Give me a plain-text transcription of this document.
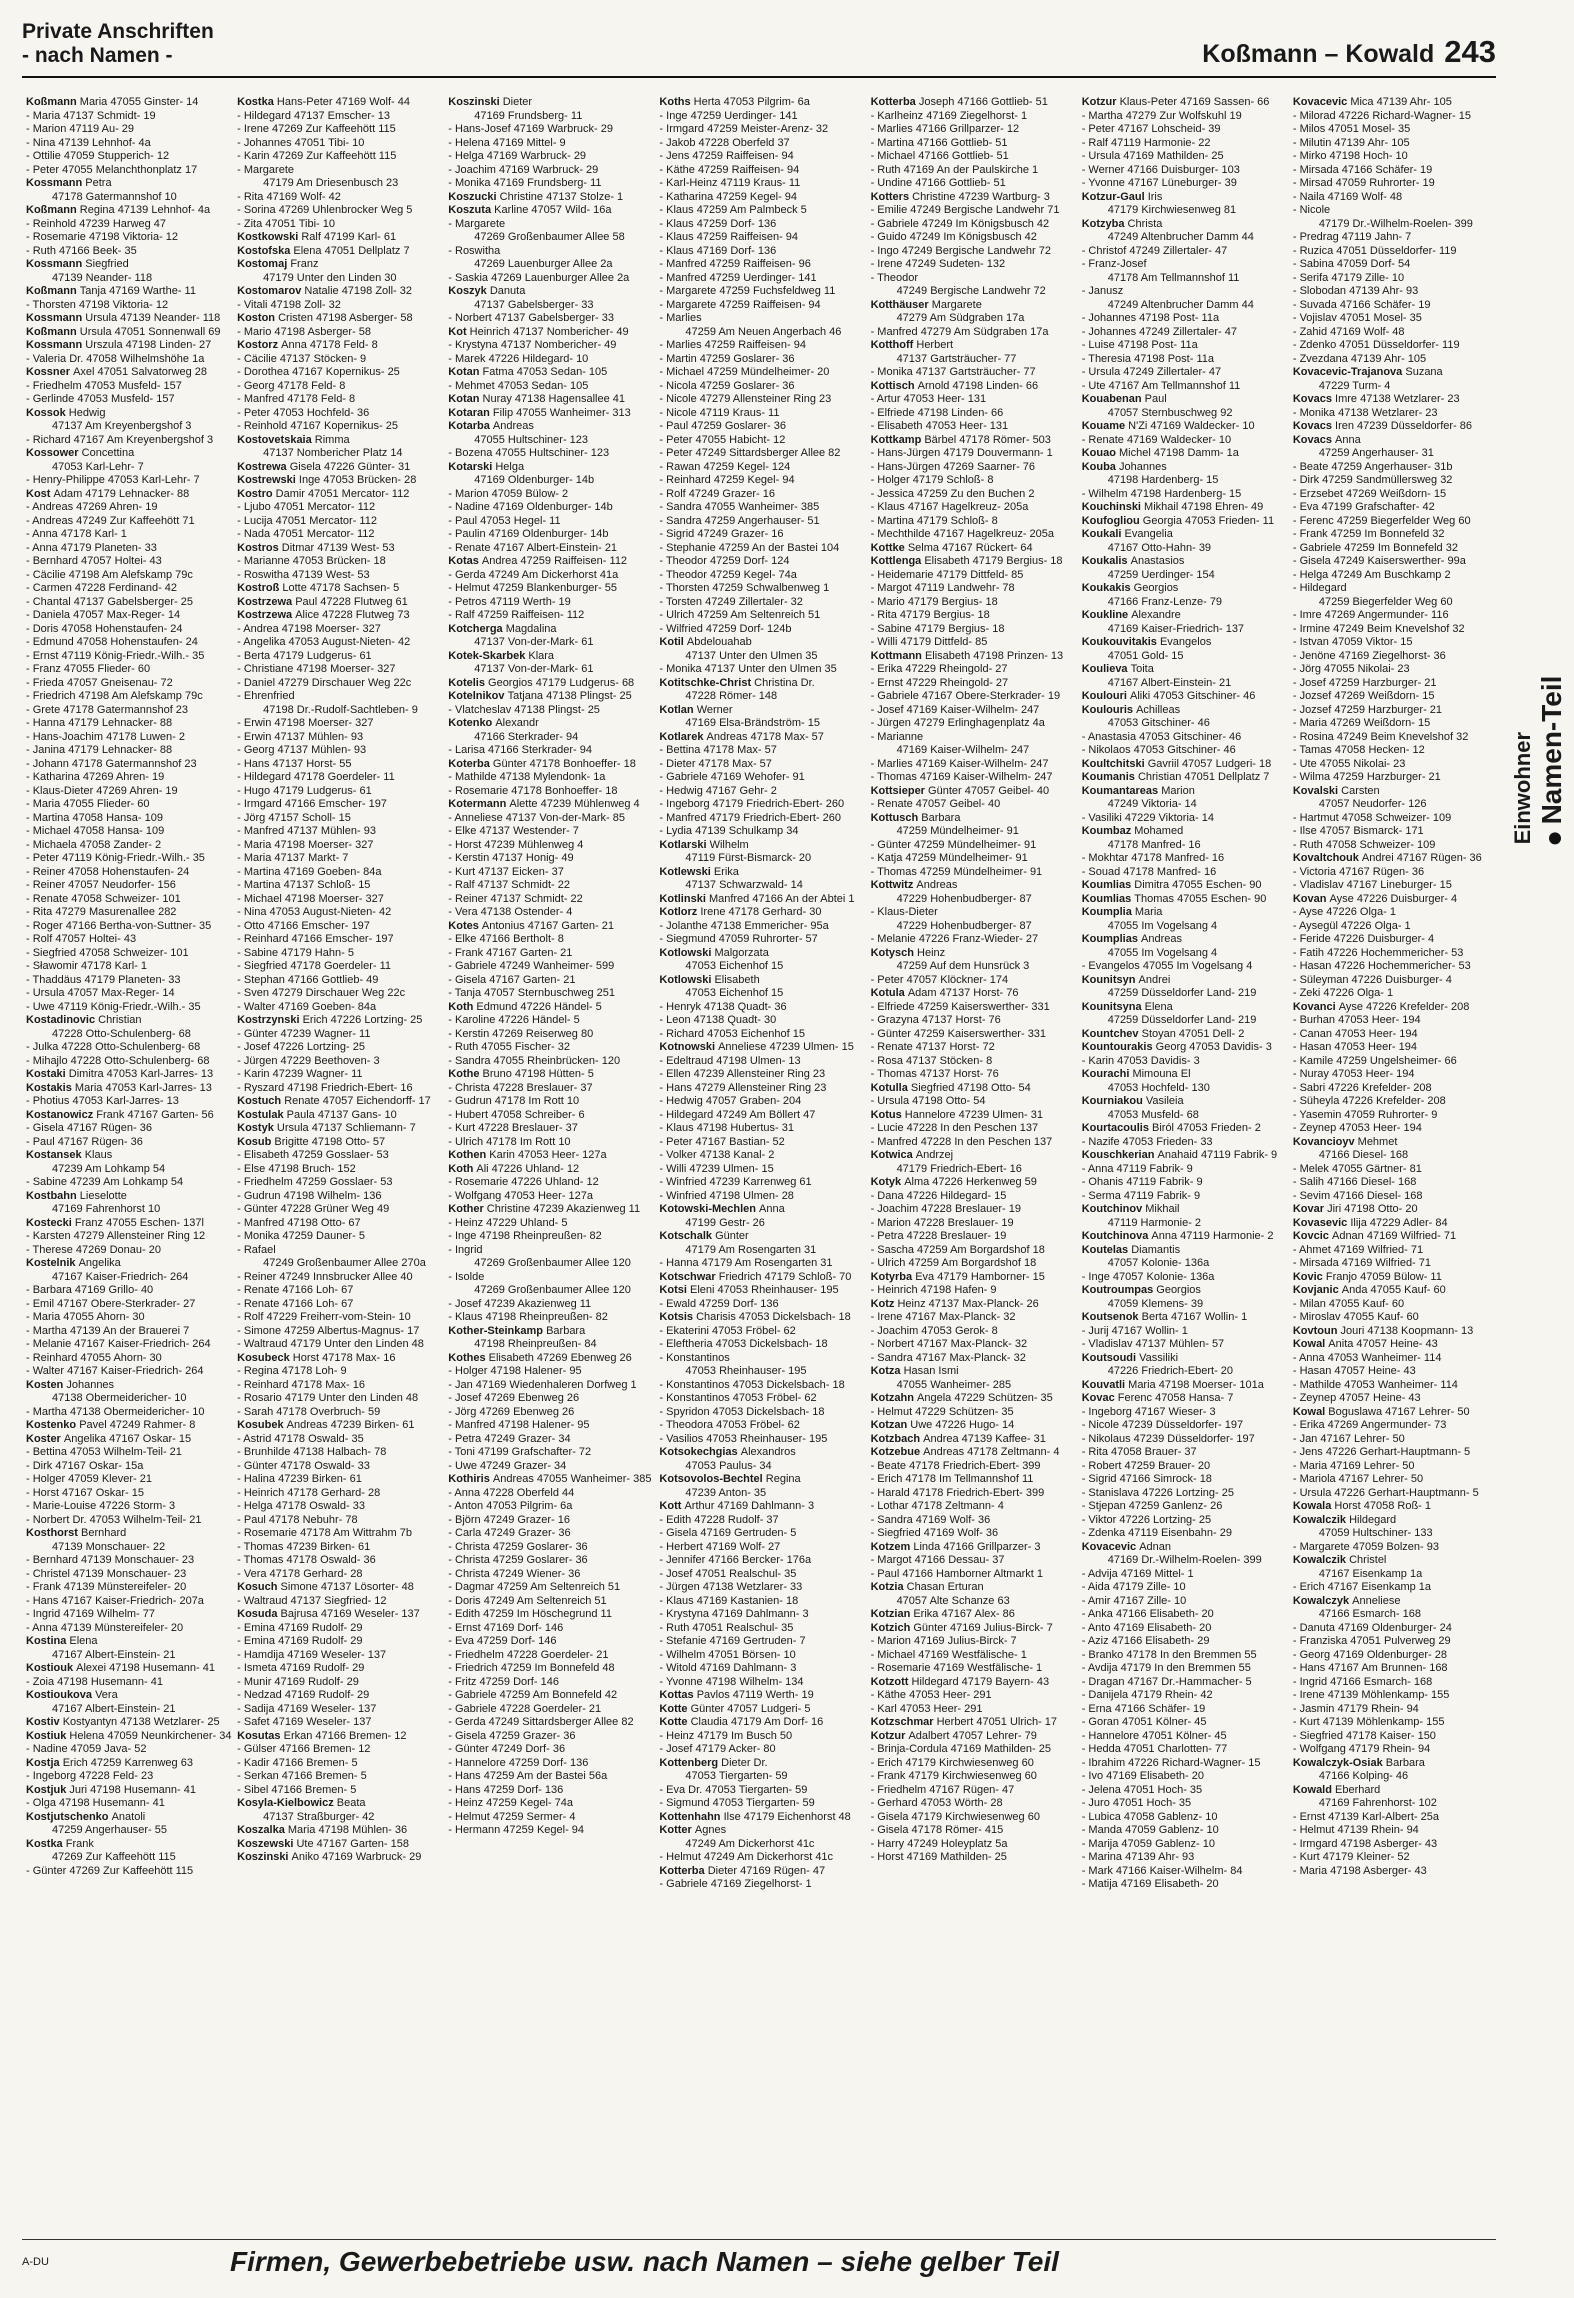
Private Anschriften
- nach Namen -	Koßmann – Kowald 243
Koßmann Maria 47055 Ginster- 14
- Maria 47137 Schmidt- 19
- Marion 47119 Au- 29
- Nina 47139 Lehnhof- 4a
- Ottilie 47059 Stupperich- 12
- Peter 47055 Melanchthonplatz 17
Kossmann Petra
47178 Gatermannshof 10
Koßmann Regina 47139 Lehnhof- 4a
- Reinhold 47239 Harweg 47
- Rosemarie 47198 Viktoria- 12
- Ruth 47166 Beek- 35
Kossmann Siegfried
47139 Neander- 118
Koßmann Tanja 47169 Warthe- 11
- Thorsten 47198 Viktoria- 12
Kossmann Ursula 47139 Neander- 118
Koßmann Ursula 47051 Sonnenwall 69
Kossmann Urszula 47198 Linden- 27
- Valeria Dr. 47058 Wilhelmshöhe 1a
Kossner Axel 47051 Salvatorweg 28
- Friedhelm 47053 Musfeld- 157
- Gerlinde 47053 Musfeld- 157
Kossok Hedwig
47137 Am Kreyenbergshof 3
- Richard 47167 Am Kreyenbergshof 3
Kossower Concettina
47053 Karl-Lehr- 7
- Henry-Philippe 47053 Karl-Lehr- 7
Kost Adam 47179 Lehnacker- 88
- Andreas 47269 Ahren- 19
- Andreas 47249 Zur Kaffeehött 71
- Anna 47178 Karl- 1
- Anna 47179 Planeten- 33
- Bernhard 47057 Holtei- 43
- Cäcilie 47198 Am Alefskamp 79c
- Carmen 47228 Ferdinand- 42
- Chantal 47137 Gabelsberger- 25
- Daniela 47057 Max-Reger- 14
- Doris 47058 Hohenstaufen- 24
- Edmund 47058 Hohenstaufen- 24
- Ernst 47119 König-Friedr.-Wilh.- 35
- Franz 47055 Flieder- 60
- Frieda 47057 Gneisenau- 72
- Friedrich 47198 Am Alefskamp 79c
- Grete 47178 Gatermannshof 23
- Hanna 47179 Lehnacker- 88
- Hans-Joachim 47178 Luwen- 2
- Janina 47179 Lehnacker- 88
- Johann 47178 Gatermannshof 23
- Katharina 47269 Ahren- 19
- Klaus-Dieter 47269 Ahren- 19
- Maria 47055 Flieder- 60
- Martina 47058 Hansa- 109
- Michael 47058 Hansa- 109
- Michaela 47058 Zander- 2
- Peter 47119 König-Friedr.-Wilh.- 35
- Reiner 47058 Hohenstaufen- 24
- Reiner 47057 Neudorfer- 156
- Renate 47058 Schweizer- 101
- Rita 47279 Masurenallee 282
- Roger 47166 Bertha-von-Suttner- 35
- Rolf 47057 Holtei- 43
- Siegfried 47058 Schweizer- 101
- Sławomir 47178 Karl- 1
- Thaddäus 47179 Planeten- 33
- Ursula 47057 Max-Reger- 14
- Uwe 47119 König-Friedr.-Wilh.- 35
Kostadinovic Christian
47228 Otto-Schulenberg- 68
- Julka 47228 Otto-Schulenberg- 68
- Mihajlo 47228 Otto-Schulenberg- 68
Kostaki Dimitra 47053 Karl-Jarres- 13
Kostakis Maria 47053 Karl-Jarres- 13
- Photius 47053 Karl-Jarres- 13
Kostanowicz Frank 47167 Garten- 56
- Gisela 47167 Rügen- 36
- Paul 47167 Rügen- 36
Kostansek Klaus
47239 Am Lohkamp 54
- Sabine 47239 Am Lohkamp 54
Kostbahn Lieselotte
47169 Fahrenhorst 10
Kostecki Franz 47055 Eschen- 137l
- Karsten 47279 Allensteiner Ring 12
- Therese 47269 Donau- 20
Kostelnik Angelika
47167 Kaiser-Friedrich- 264
- Barbara 47169 Grillo- 40
- Emil 47167 Obere-Sterkrader- 27
- Maria 47055 Ahorn- 30
- Martha 47139 An der Brauerei 7
- Melanie 47167 Kaiser-Friedrich- 264
- Reinhard 47055 Ahorn- 30
- Walter 47167 Kaiser-Friedrich- 264
Kosten Johannes
47138 Obermeidericher- 10
- Martha 47138 Obermeidericher- 10
Kostenko Pavel 47249 Rahmer- 8
Koster Angelika 47167 Oskar- 15
- Bettina 47053 Wilhelm-Teil- 21
- Dirk 47167 Oskar- 15a
- Holger 47059 Klever- 21
- Horst 47167 Oskar- 15
- Marie-Louise 47226 Storm- 3
- Norbert Dr. 47053 Wilhelm-Teil- 21
Kosthorst Bernhard
47139 Monschauer- 22
- Bernhard 47139 Monschauer- 23
- Christel 47139 Monschauer- 23
- Frank 47139 Münstereifeler- 20
- Hans 47167 Kaiser-Friedrich- 207a
- Ingrid 47169 Wilhelm- 77
- Anna 47139 Münstereifeler- 20
Kostina Elena
47167 Albert-Einstein- 21
Kostiouk Alexei 47198 Husemann- 41
- Zoia 47198 Husemann- 41
Kostioukova Vera
47167 Albert-Einstein- 21
Kostiv Kostyantyn 47138 Wetzlarer- 25
Kostiuk Helena 47059 Neunkirchener- 34
- Nadine 47059 Java- 52
Kostja Erich 47259 Karrenweg 63
- Ingeborg 47228 Feld- 23
Kostjuk Juri 47198 Husemann- 41
- Olga 47198 Husemann- 41
Kostjutschenko Anatoli
47259 Angerhauser- 55
Kostka Frank
47269 Zur Kaffeehött 115
- Günter 47269 Zur Kaffeehött 115
Kostka Hans-Peter 47169 Wolf- 44
- Hildegard 47137 Emscher- 13
- Irene 47269 Zur Kaffeehött 115
- Johannes 47051 Tibi- 10
- Karin 47269 Zur Kaffeehött 115
- Margarete
47179 Am Driesenbusch 23
- Rita 47169 Wolf- 42
- Sorina 47269 Uhlenbrocker Weg 5
- Zita 47051 Tibi- 10
Kostkowski Ralf 47199 Karl- 61
Kostofska Elena 47051 Dellplatz 7
Kostomaj Franz
47179 Unter den Linden 30
Kostomarov Natalie 47198 Zoll- 32
- Vitali 47198 Zoll- 32
Koston Cristen 47198 Asberger- 58
- Mario 47198 Asberger- 58
Kostorz Anna 47178 Feld- 8
- Cäcilie 47137 Stöcken- 9
- Dorothea 47167 Kopernikus- 25
- Georg 47178 Feld- 8
- Manfred 47178 Feld- 8
- Peter 47053 Hochfeld- 36
- Reinhold 47167 Kopernikus- 25
Kostovetskaia Rimma
47137 Nombericher Platz 14
Kostrewa Gisela 47226 Günter- 31
Kostrewski Inge 47053 Brücken- 28
Kostro Damir 47051 Mercator- 112
- Ljubo 47051 Mercator- 112
- Lucija 47051 Mercator- 112
- Nada 47051 Mercator- 112
Kostros Ditmar 47139 West- 53
- Marianne 47053 Brücken- 18
- Roswitha 47139 West- 53
Kostroß Lotte 47178 Sachsen- 5
Kostrzewa Paul 47228 Flutweg 61
Kostrzewa Alice 47228 Flutweg 73
- Andrea 47198 Moerser- 327
- Angelika 47053 August-Nieten- 42
- Berta 47179 Ludgerus- 61
- Christiane 47198 Moerser- 327
- Daniel 47279 Dirschauer Weg 22c
- Ehrenfried
47198 Dr.-Rudolf-Sachtleben- 9
- Erwin 47198 Moerser- 327
- Erwin 47137 Mühlen- 93
- Georg 47137 Mühlen- 93
- Hans 47137 Horst- 55
- Hildegard 47178 Goerdeler- 11
- Hugo 47179 Ludgerus- 61
- Irmgard 47166 Emscher- 197
- Jörg 47157 Scholl- 15
- Manfred 47137 Mühlen- 93
- Maria 47198 Moerser- 327
- Maria 47137 Markt- 7
- Martina 47169 Goeben- 84a
- Martina 47137 Schloß- 15
- Michael 47198 Moerser- 327
- Nina 47053 August-Nieten- 42
- Otto 47166 Emscher- 197
- Reinhard 47166 Emscher- 197
- Sabine 47179 Hahn- 5
- Siegfried 47178 Goerdeler- 11
- Stephan 47166 Gottlieb- 49
- Sven 47279 Dirschauer Weg 22c
- Walter 47169 Goeben- 84a
Kostrzynski Erich 47226 Lortzing- 25
- Günter 47239 Wagner- 11
- Josef 47226 Lortzing- 25
- Jürgen 47229 Beethoven- 3
- Karin 47239 Wagner- 11
- Ryszard 47198 Friedrich-Ebert- 16
Kostuch Renate 47057 Eichendorff- 17
Kostulak Paula 47137 Gans- 10
Kostyk Ursula 47137 Schliemann- 7
Kosub Brigitte 47198 Otto- 57
- Elisabeth 47259 Gosslaer- 53
- Else 47198 Bruch- 152
- Friedhelm 47259 Gosslaer- 53
- Gudrun 47198 Wilhelm- 136
- Günter 47228 Grüner Weg 49
- Manfred 47198 Otto- 67
- Monika 47259 Dauner- 5
- Rafael
47249 Großenbaumer Allee 270a
- Reiner 47249 Innsbrucker Allee 40
- Renate 47166 Loh- 67
- Renate 47166 Loh- 67
- Rolf 47229 Freiherr-vom-Stein- 10
- Simone 47259 Albertus-Magnus- 17
- Waltraud 47179 Unter den Linden 48
Kosubeck Horst 47178 Max- 16
- Regina 47178 Loh- 9
- Reinhard 47178 Max- 16
- Rosario 47179 Unter den Linden 48
- Sarah 47178 Overbruch- 59
Kosubek Andreas 47239 Birken- 61
- Astrid 47178 Oswald- 35
- Brunhilde 47138 Halbach- 78
- Günter 47178 Oswald- 33
- Halina 47239 Birken- 61
- Heinrich 47178 Gerhard- 28
- Helga 47178 Oswald- 33
- Paul 47178 Nebuhr- 78
- Rosemarie 47178 Am Wittrahm 7b
- Thomas 47239 Birken- 61
- Thomas 47178 Oswald- 36
- Vera 47178 Gerhard- 28
Kosuch Simone 47137 Lösorter- 48
- Waltraud 47137 Siegfried- 12
Kosuda Bajrusa 47169 Weseler- 137
- Emina 47169 Rudolf- 29
- Emina 47169 Rudolf- 29
- Hamdija 47169 Weseler- 137
- Ismeta 47169 Rudolf- 29
- Munir 47169 Rudolf- 29
- Nedzad 47169 Rudolf- 29
- Sadija 47169 Weseler- 137
- Safet 47169 Weseler- 137
Kosutas Erkan 47166 Bremen- 12
- Gülser 47166 Bremen- 12
- Kadir 47166 Bremen- 5
- Serkan 47166 Bremen- 5
- Sibel 47166 Bremen- 5
Kosyla-Kielbowicz Beata
47137 Straßburger- 42
Koszalka Maria 47198 Mühlen- 36
Koszewski Ute 47167 Garten- 158
Koszinski Aniko 47169 Warbruck- 29
Koszinski Dieter
47169 Frundsberg- 11
- Hans-Josef 47169 Warbruck- 29
- Helena 47169 Mittel- 9
- Helga 47169 Warbruck- 29
- Joachim 47169 Warbruck- 29
- Monika 47169 Frundsberg- 11
Koszucki Christine 47137 Stolze- 1
Koszuta Karline 47057 Wild- 16a
- Margarete
47269 Großenbaumer Allee 58
- Roswitha
47269 Lauenburger Allee 2a
- Saskia 47269 Lauenburger Allee 2a
Koszyk Danuta
47137 Gabelsberger- 33
- Norbert 47137 Gabelsberger- 33
Kot Heinrich 47137 Nombericher- 49
- Krystyna 47137 Nombericher- 49
- Marek 47226 Hildegard- 10
Kotan Fatma 47053 Sedan- 105
- Mehmet 47053 Sedan- 105
Kotan Nuray 47138 Hagensallee 41
Kotaran Filip 47055 Wanheimer- 313
Kotarba Andreas
47055 Hultschiner- 123
- Bozena 47055 Hultschiner- 123
Kotarski Helga
47169 Oldenburger- 14b
- Marion 47059 Bülow- 2
- Nadine 47169 Oldenburger- 14b
- Paul 47053 Hegel- 11
- Paulin 47169 Oldenburger- 14b
- Renate 47167 Albert-Einstein- 21
Kotas Andrea 47259 Raiffeisen- 112
- Gerda 47249 Am Dickerhorst 41a
- Helmut 47259 Blankenburger- 55
- Petros 47119 Werth- 19
- Ralf 47259 Raiffeisen- 112
Kotcherga Magdalina
47137 Von-der-Mark- 61
Kotek-Skarbek Klara
47137 Von-der-Mark- 61
Kotelis Georgios 47179 Ludgerus- 68
Kotelnikov Tatjana 47138 Plingst- 25
- Vlatcheslav 47138 Plingst- 25
Kotenko Alexandr
47166 Sterkrader- 94
- Larisa 47166 Sterkrader- 94
Koterba Günter 47178 Bonhoeffer- 18
- Mathilde 47138 Mylendonk- 1a
- Rosemarie 47178 Bonhoeffer- 18
Kotermann Alette 47239 Mühlenweg 4
- Anneliese 47137 Von-der-Mark- 85
- Elke 47137 Westender- 7
- Horst 47239 Mühlenweg 4
- Kerstin 47137 Honig- 49
- Kurt 47137 Eicken- 37
- Ralf 47137 Schmidt- 22
- Reiner 47137 Schmidt- 22
- Vera 47138 Ostender- 4
Kotes Antonius 47167 Garten- 21
- Elke 47166 Bertholt- 8
- Frank 47167 Garten- 21
- Gabriele 47249 Wanheimer- 599
- Gisela 47167 Garten- 21
- Tanja 47057 Sternbuschweg 251
Koth Edmund 47226 Händel- 5
- Karoline 47226 Händel- 5
- Kerstin 47269 Reiserweg 80
- Ruth 47055 Fischer- 32
- Sandra 47055 Rheinbrücken- 120
Kothe Bruno 47198 Hütten- 5
- Christa 47228 Breslauer- 37
- Gudrun 47178 Im Rott 10
- Hubert 47058 Schreiber- 6
- Kurt 47228 Breslauer- 37
- Ulrich 47178 Im Rott 10
Kothen Karin 47053 Heer- 127a
Koth Ali 47226 Uhland- 12
- Rosemarie 47226 Uhland- 12
- Wolfgang 47053 Heer- 127a
Kother Christine 47239 Akazienweg 11
- Heinz 47229 Uhland- 5
- Inge 47198 Rheinpreußen- 82
- Ingrid
47269 Großenbaumer Allee 120
- Isolde
47269 Großenbaumer Allee 120
- Josef 47239 Akazienweg 11
- Klaus 47198 Rheinpreußen- 82
Kother-Steinkamp Barbara
47198 Rheinpreußen- 84
Kothes Elisabeth 47269 Ebenweg 26
- Holger 47198 Halener- 95
- Jan 47169 Wiedenhaleren Dorfweg 1
- Josef 47269 Ebenweg 26
- Jörg 47269 Ebenweg 26
- Manfred 47198 Halener- 95
- Petra 47249 Grazer- 34
- Toni 47199 Grafschafter- 72
- Uwe 47249 Grazer- 34
Kothiris Andreas 47055 Wanheimer- 385
- Anna 47228 Oberfeld 44
- Anton 47053 Pilgrim- 6a
- Björn 47249 Grazer- 16
- Carla 47249 Grazer- 36
- Christa 47259 Goslarer- 36
- Christa 47259 Goslarer- 36
- Christa 47249 Wiener- 36
- Dagmar 47259 Am Seltenreich 51
- Doris 47249 Am Seltenreich 51
- Edith 47259 Im Höschegrund 11
- Ernst 47169 Dorf- 146
- Eva 47259 Dorf- 146
- Friedhelm 47228 Goerdeler- 21
- Friedrich 47259 Im Bonnefeld 48
- Fritz 47259 Dorf- 146
- Gabriele 47259 Am Bonnefeld 42
- Gabriele 47228 Goerdeler- 21
- Gerda 47249 Sittardsberger Allee 82
- Gisela 47259 Grazer- 36
- Günter 47249 Dorf- 36
- Hannelore 47259 Dorf- 136
- Hans 47259 Am der Bastei 56a
- Hans 47259 Dorf- 136
- Heinz 47259 Kegel- 74a
- Helmut 47259 Sermer- 4
- Hermann 47259 Kegel- 94
Koths Herta 47053 Pilgrim- 6a
- Inge 47259 Uerdinger- 141
- Irmgard 47259 Meister-Arenz- 32
- Jakob 47228 Oberfeld 37
- Jens 47259 Raiffeisen- 94
- Käthe 47259 Raiffeisen- 94
- Karl-Heinz 47119 Kraus- 11
- Katharina 47259 Kegel- 94
- Klaus 47259 Am Palmbeck 5
- Klaus 47259 Dorf- 136
- Klaus 47259 Raiffeisen- 94
- Klaus 47169 Dorf- 136
- Manfred 47259 Raiffeisen- 96
- Manfred 47259 Uerdinger- 141
- Margarete 47259 Fuchsfeldweg 11
- Margarete 47259 Raiffeisen- 94
- Marlies
47259 Am Neuen Angerbach 46
- Marlies 47259 Raiffeisen- 94
- Martin 47259 Goslarer- 36
- Michael 47259 Mündelheimer- 20
- Nicola 47259 Goslarer- 36
- Nicole 47279 Allensteiner Ring 23
- Nicole 47119 Kraus- 11
- Paul 47259 Goslarer- 36
- Peter 47055 Habicht- 12
- Peter 47249 Sittardsberger Allee 82
- Rawan 47259 Kegel- 124
- Reinhard 47259 Kegel- 94
- Rolf 47249 Grazer- 16
- Sandra 47055 Wanheimer- 385
- Sandra 47259 Angerhauser- 51
- Sigrid 47249 Grazer- 16
- Stephanie 47259 An der Bastei 104
- Theodor 47259 Dorf- 124
- Theodor 47259 Kegel- 74a
- Thorsten 47259 Schwalbenweg 1
- Torsten 47249 Zillertaler- 32
- Ulrich 47259 Am Seltenreich 51
- Wilfried 47259 Dorf- 124b
Kotil Abdelouahab
47137 Unter den Ulmen 35
- Monika 47137 Unter den Ulmen 35
Kotitschke-Christ Christina Dr.
47228 Römer- 148
Kotlan Werner
47169 Elsa-Brändström- 15
Kotlarek Andreas 47178 Max- 57
- Bettina 47178 Max- 57
- Dieter 47178 Max- 57
- Gabriele 47169 Wehofer- 91
- Hedwig 47167 Gehr- 2
- Ingeborg 47179 Friedrich-Ebert- 260
- Manfred 47179 Friedrich-Ebert- 260
- Lydia 47139 Schulkamp 34
Kotlarski Wilhelm
47119 Fürst-Bismarck- 20
Kotlewski Erika
47137 Schwarzwald- 14
Kotlinski Manfred 47166 An der Abtei 1
Kotlorz Irene 47178 Gerhard- 30
- Jolanthe 47138 Emmericher- 95a
- Siegmund 47059 Ruhrorter- 57
Kotlowski Malgorzata
47053 Eichenhof 15
Kotlowski Elisabeth
47053 Eichenhof 15
- Henryk 47138 Quadt- 36
- Leon 47138 Quadt- 30
- Richard 47053 Eichenhof 15
Kotnowski Anneliese 47239 Ulmen- 15
- Edeltraud 47198 Ulmen- 13
- Ellen 47239 Allensteiner Ring 23
- Hans 47279 Allensteiner Ring 23
- Hedwig 47057 Graben- 204
- Hildegard 47249 Am Böllert 47
- Klaus 47198 Hubertus- 31
- Peter 47167 Bastian- 52
- Volker 47138 Kanal- 2
- Willi 47239 Ulmen- 15
- Winfried 47239 Karrenweg 61
- Winfried 47198 Ulmen- 28
Kotowski-Mechlen Anna
47199 Gestr- 26
Kotschalk Günter
47179 Am Rosengarten 31
- Hanna 47179 Am Rosengarten 31
Kotschwar Friedrich 47179 Schloß- 70
Kotsi Eleni 47053 Rheinhauser- 195
- Ewald 47259 Dorf- 136
Kotsis Charisis 47053 Dickelsbach- 18
- Ekaterini 47053 Fröbel- 62
- Eleftheria 47053 Dickelsbach- 18
- Konstantinos
47053 Rheinhauser- 195
- Konstantinos 47053 Dickelsbach- 18
- Konstantinos 47053 Fröbel- 62
- Spyridon 47053 Dickelsbach- 18
- Theodora 47053 Fröbel- 62
- Vasilios 47053 Rheinhauser- 195
Kotsokechgias Alexandros
47053 Paulus- 34
Kotsovolos-Bechtel Regina
47239 Anton- 35
Kott Arthur 47169 Dahlmann- 3
- Edith 47228 Rudolf- 37
- Gisela 47169 Gertruden- 5
- Herbert 47169 Wolf- 27
- Jennifer 47166 Bercker- 176a
- Josef 47051 Realschul- 35
- Jürgen 47138 Wetzlarer- 33
- Klaus 47169 Kastanien- 18
- Krystyna 47169 Dahlmann- 3
- Ruth 47051 Realschul- 35
- Stefanie 47169 Gertruden- 7
- Wilhelm 47051 Börsen- 10
- Witold 47169 Dahlmann- 3
- Yvonne 47198 Wilhelm- 134
Kottas Pavlos 47119 Werth- 19
Kotte Günter 47057 Ludgeri- 5
Kotte Claudia 47179 Am Dorf- 16
- Heinz 47179 Im Busch 50
- Josef 47179 Acker- 80
Kottenberg Dieter Dr.
47053 Tiergarten- 59
- Eva Dr. 47053 Tiergarten- 59
- Sigmund 47053 Tiergarten- 59
Kottenhahn Ilse 47179 Eichenhorst 48
Kotter Agnes
47249 Am Dickerhorst 41c
- Helmut 47249 Am Dickerhorst 41c
Kotterba Dieter 47169 Rügen- 47
- Gabriele 47169 Ziegelhorst- 1
Kotterba Joseph 47166 Gottlieb- 51
- Karlheinz 47169 Ziegelhorst- 1
- Marlies 47166 Grillparzer- 12
- Martina 47166 Gottlieb- 51
- Michael 47166 Gottlieb- 51
- Ruth 47169 An der Paulskirche 1
- Undine 47166 Gottlieb- 51
Kotters Christine 47239 Wartburg- 3
- Emilie 47249 Bergische Landwehr 71
- Gabriele 47249 Im Königsbusch 42
- Guido 47249 Im Königsbusch 42
- Ingo 47249 Bergische Landwehr 72
- Irene 47249 Sudeten- 132
- Theodor
47249 Bergische Landwehr 72
Kotthäuser Margarete
47279 Am Südgraben 17a
- Manfred 47279 Am Südgraben 17a
Kotthoff Herbert
47137 Gartsträucher- 77
- Monika 47137 Gartsträucher- 77
Kottisch Arnold 47198 Linden- 66
- Artur 47053 Heer- 131
- Elfriede 47198 Linden- 66
- Elisabeth 47053 Heer- 131
Kottkamp Bärbel 47178 Römer- 503
- Hans-Jürgen 47179 Douvermann- 1
- Hans-Jürgen 47269 Saarner- 76
- Holger 47179 Schloß- 8
- Jessica 47259 Zu den Buchen 2
- Klaus 47167 Hagelkreuz- 205a
- Martina 47179 Schloß- 8
- Mechthilde 47167 Hagelkreuz- 205a
Kottke Selma 47167 Rückert- 64
Kottlenga Elisabeth 47179 Bergius- 18
- Heidemarie 47179 Dittfeld- 85
- Margot 47119 Landwehr- 78
- Mario 47179 Bergius- 18
- Rita 47179 Bergius- 18
- Sabine 47179 Bergius- 18
- Willi 47179 Dittfeld- 85
Kottmann Elisabeth 47198 Prinzen- 13
- Erika 47229 Rheingold- 27
- Ernst 47229 Rheingold- 27
- Gabriele 47167 Obere-Sterkrader- 19
- Josef 47169 Kaiser-Wilhelm- 247
- Jürgen 47279 Erlinghagenplatz 4a
- Marianne
47169 Kaiser-Wilhelm- 247
- Marlies 47169 Kaiser-Wilhelm- 247
- Thomas 47169 Kaiser-Wilhelm- 247
Kottsieper Günter 47057 Geibel- 40
- Renate 47057 Geibel- 40
Kottusch Barbara
47259 Mündelheimer- 91
- Günter 47259 Mündelheimer- 91
- Katja 47259 Mündelheimer- 91
- Thomas 47259 Mündelheimer- 91
Kottwitz Andreas
47229 Hohenbudberger- 87
- Klaus-Dieter
47229 Hohenbudberger- 87
- Melanie 47226 Franz-Wieder- 27
Kotysch Heinz
47259 Auf dem Hunsrück 3
- Peter 47057 Klöckner- 174
Kotula Adam 47137 Horst- 76
- Elfriede 47259 Kaiserswerther- 331
- Grazyna 47137 Horst- 76
- Günter 47259 Kaiserswerther- 331
- Renate 47137 Horst- 72
- Rosa 47137 Stöcken- 8
- Thomas 47137 Horst- 76
Kotulla Siegfried 47198 Otto- 54
- Ursula 47198 Otto- 54
Kotus Hannelore 47239 Ulmen- 31
- Lucie 47228 In den Peschen 137
- Manfred 47228 In den Peschen 137
Kotwica Andrzej
47179 Friedrich-Ebert- 16
Kotyk Alma 47226 Herkenweg 59
- Dana 47226 Hildegard- 15
- Joachim 47228 Breslauer- 19
- Marion 47228 Breslauer- 19
- Petra 47228 Breslauer- 19
- Sascha 47259 Am Borgardshof 18
- Ulrich 47259 Am Borgardshof 18
Kotyrba Eva 47179 Hamborner- 15
- Heinrich 47198 Hafen- 9
Kotz Heinz 47137 Max-Planck- 26
- Irene 47167 Max-Planck- 32
- Joachim 47053 Gerok- 8
- Norbert 47167 Max-Planck- 32
- Sandra 47167 Max-Planck- 32
Kotza Hasan Ismi
47055 Wanheimer- 285
Kotzahn Angela 47229 Schützen- 35
- Helmut 47229 Schützen- 35
Kotzan Uwe 47226 Hugo- 14
Kotzbach Andrea 47139 Kaffee- 31
Kotzebue Andreas 47178 Zeltmann- 4
- Beate 47178 Friedrich-Ebert- 399
- Erich 47178 Im Tellmannshof 11
- Harald 47178 Friedrich-Ebert- 399
- Lothar 47178 Zeltmann- 4
- Sandra 47169 Wolf- 36
- Siegfried 47169 Wolf- 36
Kotzem Linda 47166 Grillparzer- 3
- Margot 47166 Dessau- 37
- Paul 47166 Hamborner Altmarkt 1
Kotzia Chasan Erturan
47057 Alte Schanze 63
Kotzian Erika 47167 Alex- 86
Kotzich Günter 47169 Julius-Birck- 7
- Marion 47169 Julius-Birck- 7
- Michael 47169 Westfälische- 1
- Rosemarie 47169 Westfälische- 1
Kotzott Hildegard 47179 Bayern- 43
- Käthe 47053 Heer- 291
- Karl 47053 Heer- 291
Kotzschmar Herbert 47051 Ulrich- 17
Kotzur Adalbert 47057 Lehrer- 79
- Brinja-Cordula 47169 Mathilden- 25
- Erich 47179 Kirchwiesenweg 60
- Frank 47179 Kirchwiesenweg 60
- Friedhelm 47167 Rügen- 47
- Gerhard 47053 Wörth- 28
- Gisela 47179 Kirchwiesenweg 60
- Gisela 47178 Römer- 415
- Harry 47249 Holeyplatz 5a
- Horst 47169 Mathilden- 25
Kotzur Klaus-Peter 47169 Sassen- 66
- Martha 47279 Zur Wolfskuhl 19
- Peter 47167 Lohscheid- 39
- Ralf 47119 Harmonie- 22
- Ursula 47169 Mathilden- 25
- Werner 47166 Duisburger- 103
- Yvonne 47167 Lüneburger- 39
Kotzur-Gaul Iris
47179 Kirchwiesenweg 81
Kotzyba Christa
47249 Altenbrucher Damm 44
- Christof 47249 Zillertaler- 47
- Franz-Josef
47178 Am Tellmannshof 11
- Janusz
47249 Altenbrucher Damm 44
- Johannes 47198 Post- 11a
- Johannes 47249 Zillertaler- 47
- Luise 47198 Post- 11a
- Theresia 47198 Post- 11a
- Ursula 47249 Zillertaler- 47
- Ute 47167 Am Tellmannshof 11
Kouabenan Paul
47057 Sternbuschweg 92
Kouame N'Zi 47169 Waldecker- 10
- Renate 47169 Waldecker- 10
Kouao Michel 47198 Damm- 1a
Kouba Johannes
47198 Hardenberg- 15
- Wilhelm 47198 Hardenberg- 15
Kouchinski Mikhail 47198 Ehren- 49
Koufogliou Georgia 47053 Frieden- 11
Koukali Evangelia
47167 Otto-Hahn- 39
Koukalis Anastasios
47259 Uerdinger- 154
Koukakis Georgios
47166 Franz-Lenze- 79
Koukline Alexandre
47169 Kaiser-Friedrich- 137
Koukouvitakis Evangelos
47051 Gold- 15
Koulieva Toita
47167 Albert-Einstein- 21
Koulouri Aliki 47053 Gitschiner- 46
Koulouris Achilleas
47053 Gitschiner- 46
- Anastasia 47053 Gitschiner- 46
- Nikolaos 47053 Gitschiner- 46
Koultchitski Gavriil 47057 Ludgeri- 18
Koumanis Christian 47051 Dellplatz 7
Koumantareas Marion
47249 Viktoria- 14
- Vasiliki 47229 Viktoria- 14
Koumbaz Mohamed
47178 Manfred- 16
- Mokhtar 47178 Manfred- 16
- Souad 47178 Manfred- 16
Koumlias Dimitra 47055 Eschen- 90
Koumlias Thomas 47055 Eschen- 90
Koumplia Maria
47055 Im Vogelsang 4
Koumplias Andreas
47055 Im Vogelsang 4
- Evangelos 47055 Im Vogelsang 4
Kounitsyn Andrei
47259 Düsseldorfer Land- 219
Kounitsyna Elena
47259 Düsseldorfer Land- 219
Kountchev Stoyan 47051 Dell- 2
Kountourakis Georg 47053 Davidis- 3
- Karin 47053 Davidis- 3
Kourachi Mimouna El
47053 Hochfeld- 130
Kourniakou Vasileia
47053 Musfeld- 68
Kourtacoulis Biról 47053 Frieden- 2
- Nazife 47053 Frieden- 33
Kouschkerian Anahaid 47119 Fabrik- 9
- Anna 47119 Fabrik- 9
- Ohanis 47119 Fabrik- 9
- Serma 47119 Fabrik- 9
Koutchinov Mikhail
47119 Harmonie- 2
Koutchinova Anna 47119 Harmonie- 2
Koutelas Diamantis
47057 Kolonie- 136a
- Inge 47057 Kolonie- 136a
Koutroumpas Georgios
47059 Klemens- 39
Koutsenok Berta 47167 Wollin- 1
- Jurij 47167 Wollin- 1
- Vladislav 47137 Mühlen- 57
Koutsoudi Vassiliki
47226 Friedrich-Ebert- 20
Kouvatli Maria 47198 Moerser- 101a
Kovac Ferenc 47058 Hansa- 7
- Ingeborg 47167 Wieser- 3
- Nicole 47239 Düsseldorfer- 197
- Nikolaus 47239 Düsseldorfer- 197
- Rita 47058 Brauer- 37
- Robert 47259 Brauer- 20
- Sigrid 47166 Simrock- 18
- Stanislava 47226 Lortzing- 25
- Stjepan 47259 Ganlenz- 26
- Viktor 47226 Lortzing- 25
- Zdenka 47119 Eisenbahn- 29
Kovacevic Adnan
47169 Dr.-Wilhelm-Roelen- 399
- Advija 47169 Mittel- 1
- Aida 47179 Zille- 10
- Amir 47167 Zille- 10
- Anka 47166 Elisabeth- 20
- Anto 47169 Elisabeth- 20
- Aziz 47166 Elisabeth- 29
- Branko 47178 In den Bremmen 55
- Avdija 47179 In den Bremmen 55
- Dragan 47167 Dr.-Hammacher- 5
- Danijela 47179 Rhein- 42
- Erna 47166 Schäfer- 19
- Goran 47051 Kölner- 45
- Hannelore 47051 Kölner- 45
- Hedda 47051 Charlotten- 77
- Ibrahim 47226 Richard-Wagner- 15
- Ivo 47169 Elisabeth- 20
- Jelena 47051 Hoch- 35
- Juro 47051 Hoch- 35
- Lubica 47058 Gablenz- 10
- Manda 47059 Gablenz- 10
- Marija 47059 Gablenz- 10
- Marina 47139 Ahr- 93
- Mark 47166 Kaiser-Wilhelm- 84
- Matija 47169 Elisabeth- 20
Kovacevic Mica 47139 Ahr- 105
- Milorad 47226 Richard-Wagner- 15
- Milos 47051 Mosel- 35
- Milutin 47139 Ahr- 105
- Mirko 47198 Hoch- 10
- Mirsada 47166 Schäfer- 19
- Mirsad 47059 Ruhrorter- 19
- Naila 47169 Wolf- 48
- Nicole
47179 Dr.-Wilhelm-Roelen- 399
- Predrag 47119 Jahn- 7
- Ruzica 47051 Düsseldorfer- 119
- Sabina 47059 Dorf- 54
- Serifa 47179 Zille- 10
- Slobodan 47139 Ahr- 93
- Suvada 47166 Schäfer- 19
- Vojislav 47051 Mosel- 35
- Zahid 47169 Wolf- 48
- Zdenko 47051 Düsseldorfer- 119
- Zvezdana 47139 Ahr- 105
Kovacevic-Trajanova Suzana
47229 Turm- 4
Kovacs Imre 47138 Wetzlarer- 23
- Monika 47138 Wetzlarer- 23
Kovacs Iren 47239 Düsseldorfer- 86
Kovacs Anna
47259 Angerhauser- 31
- Beate 47259 Angerhauser- 31b
- Dirk 47259 Sandmüllersweg 32
- Erzsebet 47269 Weißdorn- 15
- Eva 47199 Grafschafter- 42
- Ferenc 47259 Biegerfelder Weg 60
- Frank 47259 Im Bonnefeld 32
- Gabriele 47259 Im Bonnefeld 32
- Gisela 47249 Kaiserswerther- 99a
- Helga 47249 Am Buschkamp 2
- Hildegard
47259 Biegerfelder Weg 60
- Imre 47269 Angermunder- 116
- Irmine 47249 Beim Knevelshof 32
- Istvan 47059 Viktor- 15
- Jenöne 47169 Ziegelhorst- 36
- Jörg 47055 Nikolai- 23
- Josef 47259 Harzburger- 21
- Jozsef 47269 Weißdorn- 15
- Jozsef 47259 Harzburger- 21
- Maria 47269 Weißdorn- 15
- Rosina 47249 Beim Knevelshof 32
- Tamas 47058 Hecken- 12
- Ute 47055 Nikolai- 23
- Wilma 47259 Harzburger- 21
Kovalski Carsten
47057 Neudorfer- 126
- Hartmut 47058 Schweizer- 109
- Ilse 47057 Bismarck- 171
- Ruth 47058 Schweizer- 109
Kovaltchouk Andrei 47167 Rügen- 36
- Victoria 47167 Rügen- 36
- Vladislav 47167 Lineburger- 15
Kovan Ayse 47226 Duisburger- 4
- Ayse 47226 Olga- 1
- Aysegül 47226 Olga- 1
- Feride 47226 Duisburger- 4
- Fatih 47226 Hochemmericher- 53
- Hasan 47226 Hochemmericher- 53
- Süleyman 47226 Duisburger- 4
- Zeki 47226 Olga- 1
Kovanci Ayse 47226 Krefelder- 208
- Burhan 47053 Heer- 194
- Canan 47053 Heer- 194
- Hasan 47053 Heer- 194
- Kamile 47259 Ungelsheimer- 66
- Nuray 47053 Heer- 194
- Sabri 47226 Krefelder- 208
- Süheyla 47226 Krefelder- 208
- Yasemin 47059 Ruhrorter- 9
- Zeynep 47053 Heer- 194
Kovancioyv Mehmet
47166 Diesel- 168
- Melek 47055 Gärtner- 81
- Salih 47166 Diesel- 168
- Sevim 47166 Diesel- 168
Kovar Jiri 47198 Otto- 20
Kovasevic Ilija 47229 Adler- 84
Kovcic Adnan 47169 Wilfried- 71
- Ahmet 47169 Wilfried- 71
- Mirsada 47169 Wilfried- 71
Kovic Franjo 47059 Bülow- 11
Kovjanic Anda 47055 Kauf- 60
- Milan 47055 Kauf- 60
- Miroslav 47055 Kauf- 60
Kovtoun Jouri 47138 Koopmann- 13
Kowal Anita 47057 Heine- 43
- Anna 47053 Wanheimer- 114
- Hasan 47057 Heine- 43
- Mathilde 47053 Wanheimer- 114
- Zeynep 47057 Heine- 43
Kowal Boguslawa 47167 Lehrer- 50
- Erika 47269 Angermunder- 73
- Jan 47167 Lehrer- 50
- Jens 47226 Gerhart-Hauptmann- 5
- Maria 47169 Lehrer- 50
- Mariola 47167 Lehrer- 50
- Ursula 47226 Gerhart-Hauptmann- 5
Kowala Horst 47058 Roß- 1
Kowalczik Hildegard
47059 Hultschiner- 133
- Margarete 47059 Bolzen- 93
Kowalczik Christel
47167 Eisenkamp 1a
- Erich 47167 Eisenkamp 1a
Kowalczyk Anneliese
47166 Esmarch- 168
- Danuta 47169 Oldenburger- 24
- Franziska 47051 Pulverweg 29
- Georg 47169 Oldenburger- 28
- Hans 47167 Am Brunnen- 168
- Ingrid 47166 Esmarch- 168
- Irene 47139 Möhlenkamp- 155
- Jasmin 47179 Rhein- 94
- Kurt 47139 Möhlenkamp- 155
- Siegfried 47178 Kaiser- 150
- Wolfgang 47179 Rhein- 94
Kowalczyk-Osiak Barbara
47166 Kolping- 46
Kowald Eberhard
47169 Fahrenhorst- 102
- Ernst 47139 Karl-Albert- 25a
- Helmut 47139 Rhein- 94
- Irmgard 47198 Asberger- 43
- Kurt 47179 Kleiner- 52
- Maria 47198 Asberger- 43
Einwohner
Namen-Teil
A-DU	Firmen, Gewerbebetriebe usw. nach Namen – siehe gelber Teil
